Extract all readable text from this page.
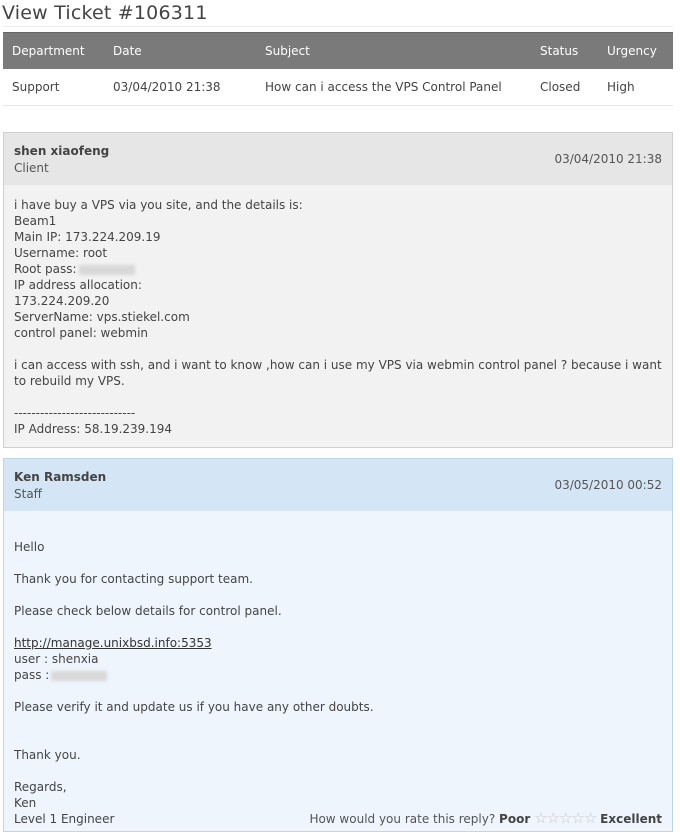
View Ticket #106311
Department	Date	Subject	Status	Urgency
Support	03/04/2010 21:38	How can i access the VPS Control Panel	Closed	High
shen xiaofeng
Client
03/04/2010 21:38
i have buy a VPS via you site, and the details is:
Beam1
Main IP: 173.224.209.19
Username: root
Root pass:
IP address allocation:
173.224.209.20
ServerName: vps.stiekel.com
control panel: webmin
i can access with ssh, and i want to know ,how can i use my VPS via webmin control panel ? because i want to rebuild my VPS.
----------------------------
IP Address: 58.19.239.194
Ken Ramsden
Staff
03/05/2010 00:52
Hello
Thank you for contacting support team.
Please check below details for control panel.
http://manage.unixbsd.info:5353
user : shenxia
pass :
Please verify it and update us if you have any other doubts.
Thank you.
Regards,
Ken
Level 1 Engineer	How would you rate this reply? Poor ☆☆☆☆☆ Excellent
